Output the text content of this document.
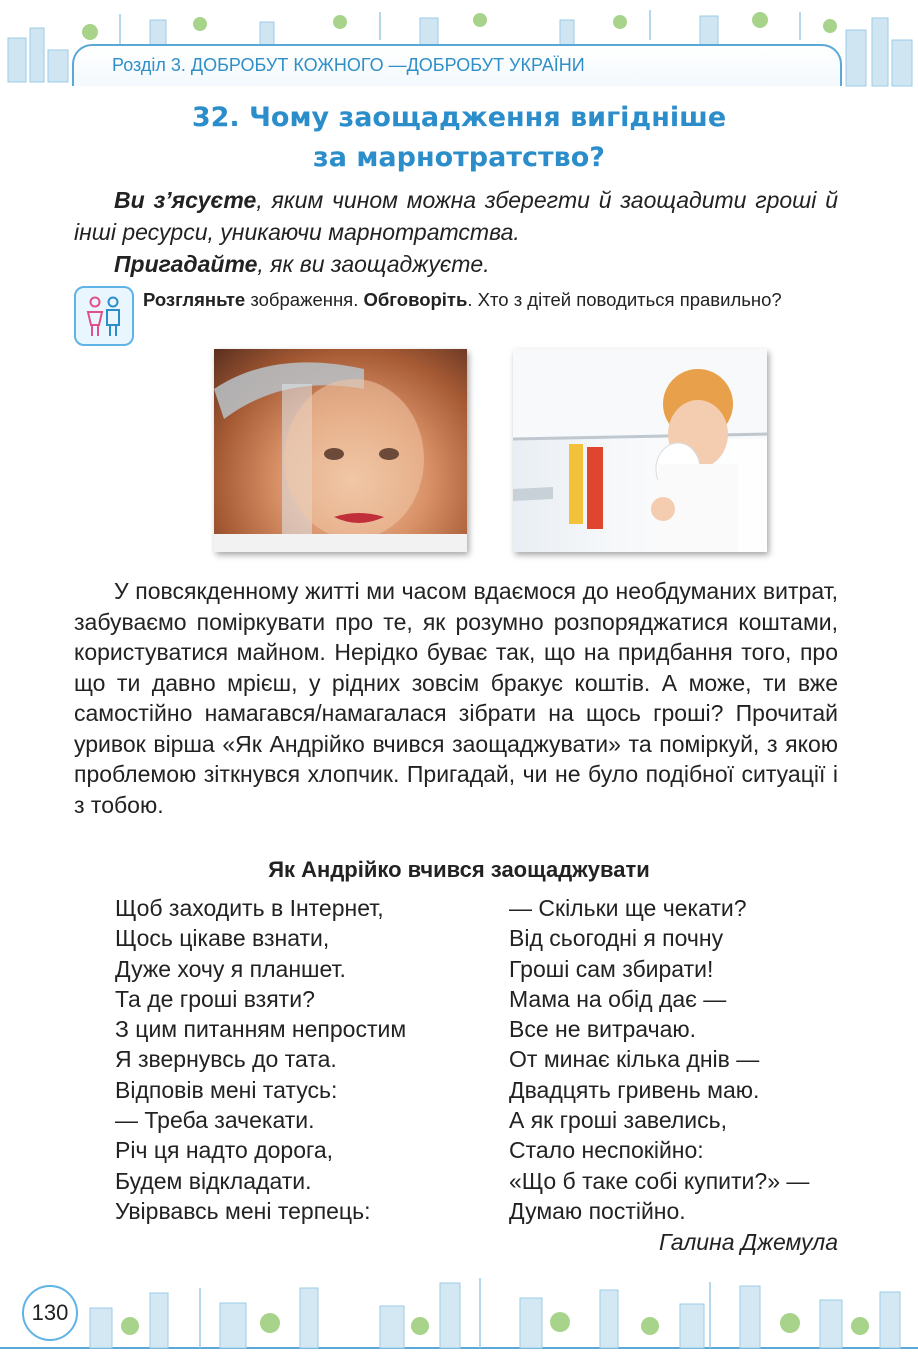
Розділ 3. ДОБРОБУТ КОЖНОГО —ДОБРОБУТ УКРАЇНИ
32. Чому заощадження вигідніше
за марнотратство?

Ви з’ясуєте, яким чином можна зберегти й заощадити гроші й інші ресурси, уникаючи марнотратства.

Пригадайте, як ви заощаджуєте.

Розгляньте зображення. Обговоріть. Хто з дітей поводиться правильно?

У повсякденному житті ми часом вдаємося до необдуманих витрат, забуваємо поміркувати про те, як розумно розпоряджатися коштами, користуватися майном. Нерідко буває так, що на придбання того, про що ти давно мрієш, у рідних зовсім бракує коштів. А може, ти вже самостійно намагався/намагалася зібрати на щось гроші? Прочитай уривок вірша «Як Андрійко вчився заощаджувати» та поміркуй, з якою проблемою зіткнувся хлопчик. Пригадай, чи не було подібної ситуації і з тобою.

Як Андрійко вчився заощаджувати
Щоб заходить в Інтернет,
Щось цікаве взнати,
Дуже хочу я планшет.
Та де гроші взяти?
З цим питанням непростим
Я звернувсь до тата.
Відповів мені татусь:
— Треба зачекати.
Річ ця надто дорога,
Будем відкладати.
Увірвавсь мені терпець:
— Скільки ще чекати?
Від сьогодні я почну
Гроші сам збирати!
Мама на обід дає —
Все не витрачаю.
От минає кілька днів —
Двадцять гривень маю.
А як гроші завелись,
Стало неспокійно:
«Що б таке собі купити?» —
Думаю постійно.
Галина Джемула
130
